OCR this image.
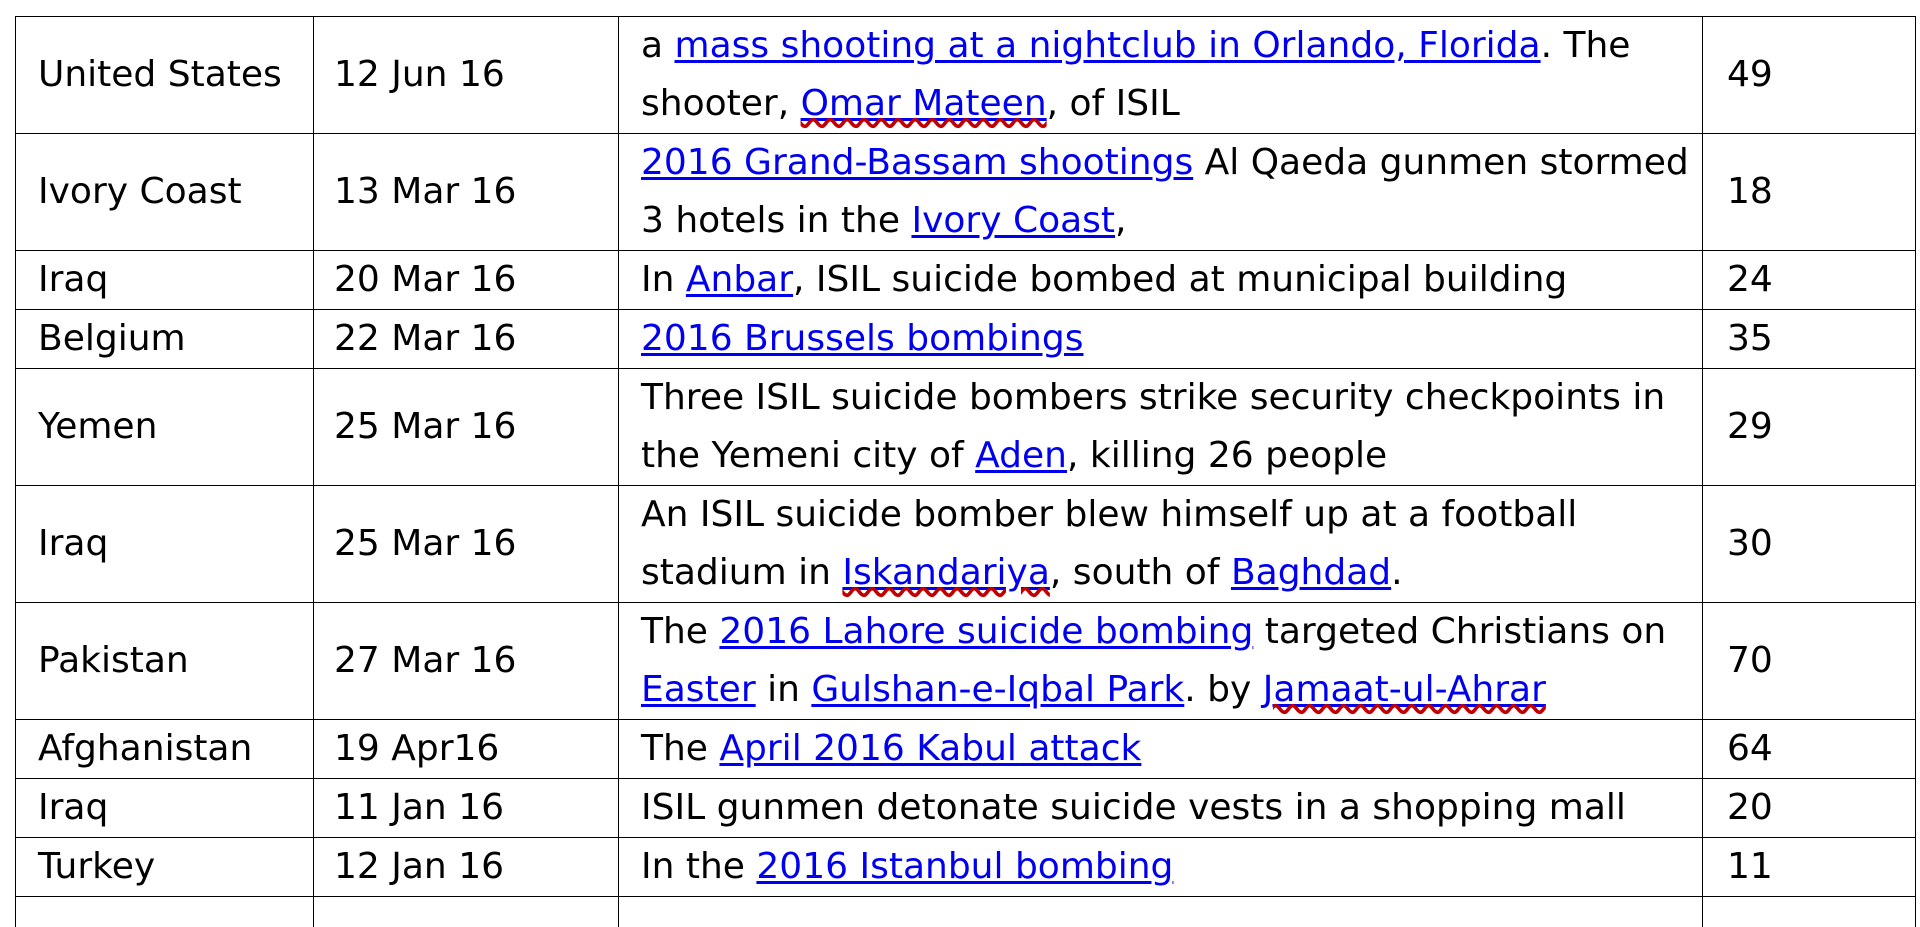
United States	12 Jun 16	a mass shooting at a nightclub in Orlando, Florida. The shooter, Omar Mateen, of ISIL	49
Ivory Coast	13 Mar 16	2016 Grand-Bassam shootings Al Qaeda gunmen stormed 3 hotels in the Ivory Coast,	18
Iraq	20 Mar 16	In Anbar, ISIL suicide bombed at municipal building	24
Belgium	22 Mar 16	2016 Brussels bombings	35
Yemen	25 Mar 16	Three ISIL suicide bombers strike security checkpoints in the Yemeni city of Aden, killing 26 people	29
Iraq	25 Mar 16	An ISIL suicide bomber blew himself up at a football stadium in Iskandariya, south of Baghdad.	30
Pakistan	27 Mar 16	The 2016 Lahore suicide bombing targeted Christians on Easter in Gulshan-e-Iqbal Park. by Jamaat-ul-Ahrar	70
Afghanistan	19 Apr16	The April 2016 Kabul attack	64
Iraq	11 Jan 16	ISIL gunmen detonate suicide vests in a shopping mall	20
Turkey	12 Jan 16	In the 2016 Istanbul bombing	11
